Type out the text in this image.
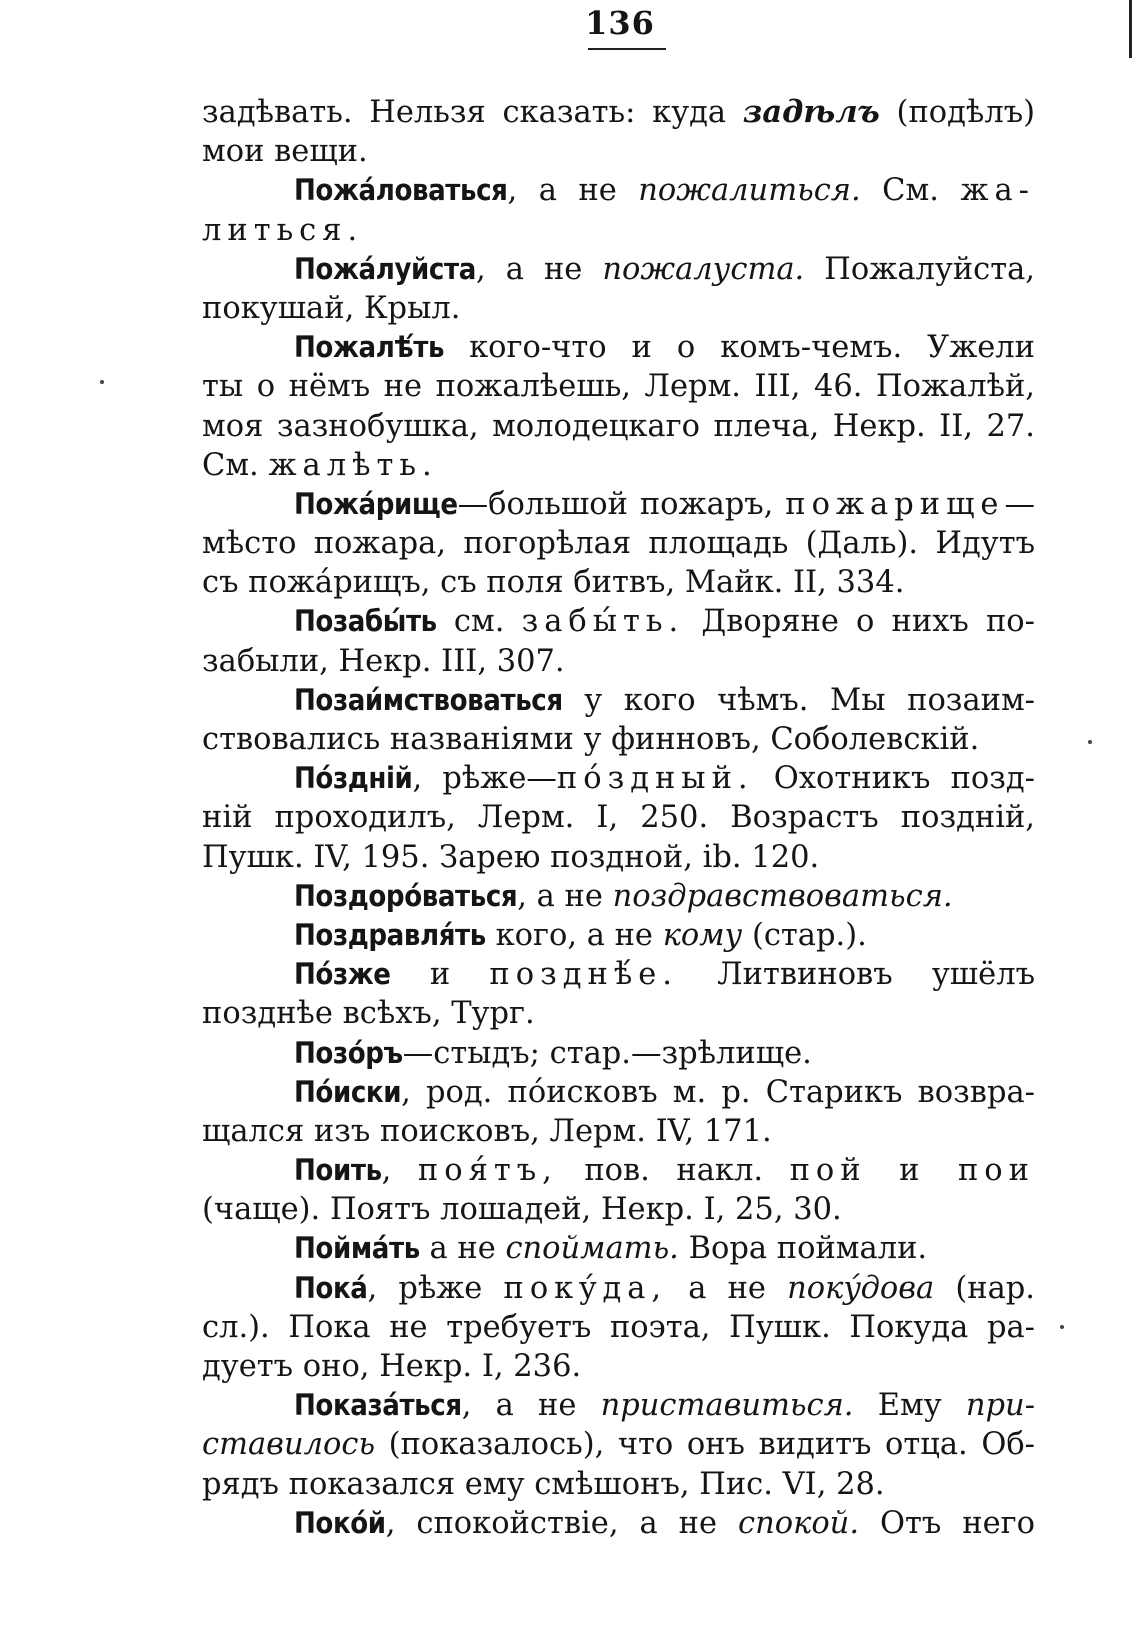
136
задѣвать. Нельзя сказать: куда задѣлъ (подѣлъ)
мои вещи.
Пожáловаться, а не пожалиться. См. жа-
литься.
Пожáлуйста, а не пожалуста. Пожалуйста,
покушай, Крыл.
Пожалѣ́ть кого-что и о комъ-чемъ. Ужели
ты о нёмъ не пожалѣешь, Лерм. III, 46. Пожалѣй,
моя зазнобушка, молодецкаго плеча, Некр. II, 27.
См. жалѣть.
Пожáрище—большой пожаръ, пожарище—
мѣсто пожара, погорѣлая площадь (Даль). Идутъ
съ пожáрищъ, съ поля битвъ, Майк. II, 334.
Позабы́ть см. забы́ть. Дворяне о нихъ по-
забыли, Некр. III, 307.
Позаи́мствоваться у кого чѣмъ. Мы позаим-
ствовались названіями у финновъ, Соболевскій.
Пóздній, рѣже—пóздный. Охотникъ позд-
ній проходилъ, Лерм. I, 250. Возрастъ поздній,
Пушк. IV, 195. Зарею поздной, ib. 120.
Поздорóваться, а не поздравствоваться.
Поздравля́ть кого, а не кому (стар.).
Пóзже и позднѣ́е. Литвиновъ ушёлъ
позднѣе всѣхъ, Тург.
Позóръ—стыдъ; стар.—зрѣлище.
Пóиски, род. пóисковъ м. р. Старикъ возвра-
щался изъ поисковъ, Лерм. IV, 171.
Поить, поя́тъ, пов. накл. пой и пои
(чаще). Поятъ лошадей, Некр. I, 25, 30.
Поймáть а не споймать. Вора поймали.
Покá, рѣже покýда, а не покýдова (нар.
сл.). Пока не требуетъ поэта, Пушк. Покуда ра-
дуетъ оно, Некр. I, 236.
Показáться, а не приставиться. Ему при-
ставилось (показалось), что онъ видитъ отца. Об-
рядъ показался ему смѣшонъ, Пис. VI, 28.
Покóй, спокойствіе, а не спокой. Отъ него
